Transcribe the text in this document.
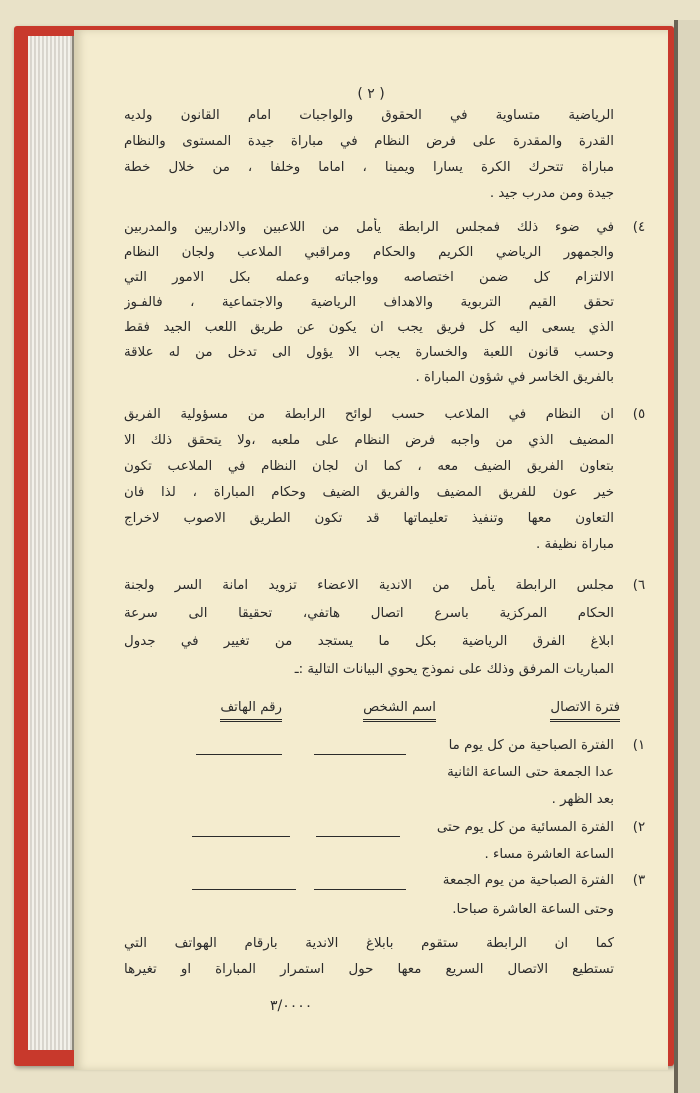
( ٢ )
الرياضية متساوية في الحقوق والواجبات امام القانون ولديه
القدرة والمقدرة على فرض النظام في مباراة جيدة المستوى والنظام
مباراة تتحرك الكرة يسارا ويمينا ، اماما وخلفا ، من خلال خطة
جيدة ومن مدرب جيد .
٤)
في ضوء ذلك فمجلس الرابطة يأمل من اللاعبين والاداريين والمدربين
والجمهور الرياضي الكريم والحكام ومراقبي الملاعب ولجان النظام
الالتزام كل ضمن اختصاصه وواجباته وعمله بكل الامور التي
تحقق القيم التربوية والاهداف الرياضية والاجتماعية ، فالفـوز
الذي يسعى اليه كل فريق يجب ان يكون عن طريق اللعب الجيد فقط
وحسب قانون اللعبة والخسارة يجب الا يؤول الى تدخل من له علاقة
بالفريق الخاسر في شؤون المباراة .
٥)
ان النظام في الملاعب حسب لوائح الرابطة من مسؤولية الفريق
المضيف الذي من واجبه فرض النظام على ملعبه ،ولا يتحقق ذلك الا
بتعاون الفريق الضيف معه ، كما ان لجان النظام في الملاعب تكون
خير عون للفريق المضيف والفريق الضيف وحكام المباراة ، لذا فان
التعاون معها وتنفيذ تعليماتها قد تكون الطريق الاصوب لاخراج
مباراة نظيفة .
٦)
مجلس الرابطة يأمل من الاندية الاعضاء تزويد امانة السر ولجنة
الحكام المركزية باسرع اتصال هاتفي، تحقيقا الى سرعة
ابلاغ الفرق الرياضية بكل ما يستجد من تغيير في جدول
المباريات المرفق وذلك على نموذج يحوي البيانات التالية :ـ
فترة الاتصال
اسم الشخص
رقم الهاتف
١)
الفترة الصباحية من كل يوم ما
عدا الجمعة حتى الساعة الثانية
بعد الظهر .
٢)
الفترة المسائية من كل يوم حتى
الساعة العاشرة مساء .
٣)
الفترة الصباحية من يوم الجمعة
وحتى الساعة العاشرة صباحا.
كما ان الرابطة ستقوم بابلاغ الاندية بارقام الهواتف التي
تستطيع الاتصال السريع معها حول استمرار المباراة او تغيرها
٣/٠٠٠٠
